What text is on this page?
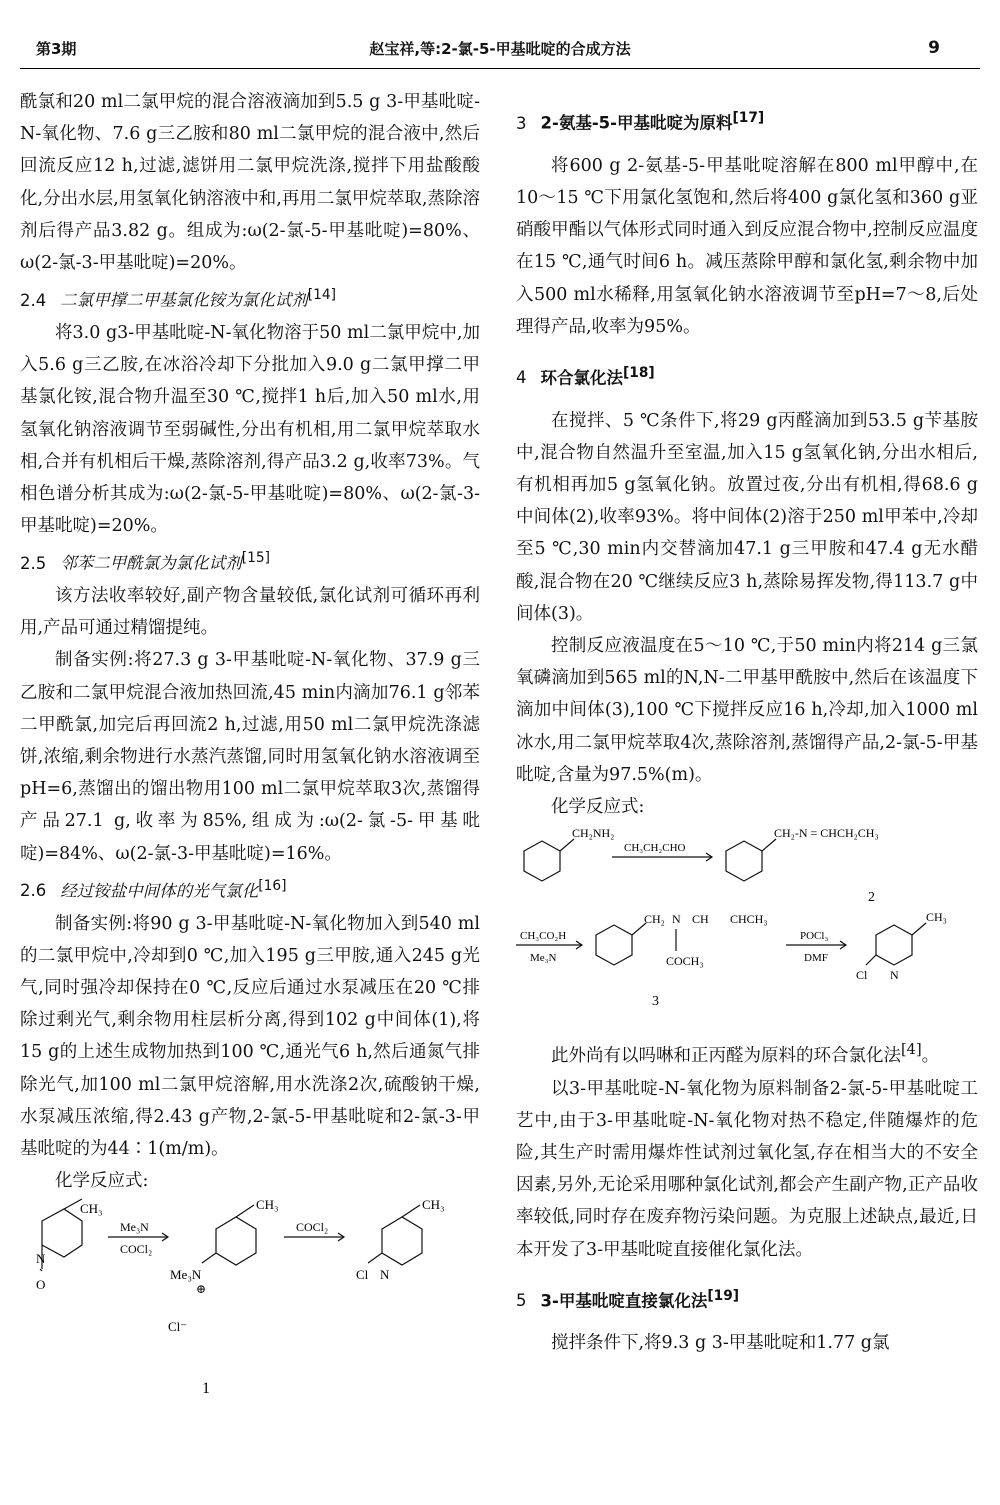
第3期	赵宝祥,等:2-氯-5-甲基吡啶的合成方法	9

酰氯和20 ml二氯甲烷的混合溶液滴加到5.5 g 3-甲基吡啶-N-氧化物、7.6 g三乙胺和80 ml二氯甲烷的混合液中,然后回流反应12 h,过滤,滤饼用二氯甲烷洗涤,搅拌下用盐酸酸化,分出水层,用氢氧化钠溶液中和,再用二氯甲烷萃取,蒸除溶剂后得产品3.82 g。组成为:ω(2-氯-5-甲基吡啶)=80%、ω(2-氯-3-甲基吡啶)=20%。

2.4 二氯甲撑二甲基氯化铵为氯化试剂[14]

将3.0 g3-甲基吡啶-N-氧化物溶于50 ml二氯甲烷中,加入5.6 g三乙胺,在冰浴冷却下分批加入9.0 g二氯甲撑二甲基氯化铵,混合物升温至30 ℃,搅拌1 h后,加入50 ml水,用氢氧化钠溶液调节至弱碱性,分出有机相,用二氯甲烷萃取水相,合并有机相后干燥,蒸除溶剂,得产品3.2 g,收率73%。气相色谱分析其成为:ω(2-氯-5-甲基吡啶)=80%、ω(2-氯-3-甲基吡啶)=20%。

2.5 邻苯二甲酰氯为氯化试剂[15]

该方法收率较好,副产物含量较低,氯化试剂可循环再利用,产品可通过精馏提纯。

制备实例:将27.3 g 3-甲基吡啶-N-氧化物、37.9 g三乙胺和二氯甲烷混合液加热回流,45 min内滴加76.1 g邻苯二甲酰氯,加完后再回流2 h,过滤,用50 ml二氯甲烷洗涤滤饼,浓缩,剩余物进行水蒸汽蒸馏,同时用氢氧化钠水溶液调至pH=6,蒸馏出的馏出物用100 ml二氯甲烷萃取3次,蒸馏得产品27.1 g,收率为85%,组成为:ω(2-氯-5-甲基吡啶)=84%、ω(2-氯-3-甲基吡啶)=16%。

2.6 经过铵盐中间体的光气氯化[16]

制备实例:将90 g 3-甲基吡啶-N-氧化物加入到540 ml的二氯甲烷中,冷却到0 ℃,加入195 g三甲胺,通入245 g光气,同时强冷却保持在0 ℃,反应后通过水泵减压在20 ℃排除过剩光气,剩余物用柱层析分离,得到102 g中间体(1),将15 g的上述生成物加热到100 ℃,通光气6 h,然后通氮气排除光气,加100 ml二氯甲烷溶解,用水洗涤2次,硫酸钠干燥,水泵减压浓缩,得2.43 g产物,2-氯-5-甲基吡啶和2-氯-3-甲基吡啶的为44∶1(m/m)。

化学反应式:

CH₃
N
O
Me₃N
COCl₂
CH₃
Me₃N
⊕
COCl₂
CH₃
Cl N
Cl⁻
1
3 2-氨基-5-甲基吡啶为原料[17]

将600 g 2-氨基-5-甲基吡啶溶解在800 ml甲醇中,在10～15 ℃下用氯化氢饱和,然后将400 g氯化氢和360 g亚硝酸甲酯以气体形式同时通入到反应混合物中,控制反应温度在15 ℃,通气时间6 h。减压蒸除甲醇和氯化氢,剩余物中加入500 ml水稀释,用氢氧化钠水溶液调节至pH=7～8,后处理得产品,收率为95%。

4 环合氯化法[18]

在搅拌、5 ℃条件下,将29 g丙醛滴加到53.5 g苄基胺中,混合物自然温升至室温,加入15 g氢氧化钠,分出水相后,有机相再加5 g氢氧化钠。放置过夜,分出有机相,得68.6 g中间体(2),收率93%。将中间体(2)溶于250 ml甲苯中,冷却至5 ℃,30 min内交替滴加47.1 g三甲胺和47.4 g无水醋酸,混合物在20 ℃继续反应3 h,蒸除易挥发物,得113.7 g中间体(3)。

控制反应液温度在5～10 ℃,于50 min内将214 g三氯氧磷滴加到565 ml的N,N-二甲基甲酰胺中,然后在该温度下滴加中间体(3),100 ℃下搅拌反应16 h,冷却,加入1000 ml冰水,用二氯甲烷萃取4次,蒸除溶剂,蒸馏得产品,2-氯-5-甲基吡啶,含量为97.5%(m)。

化学反应式:

CH₂NH₂
CH₃CH₂CHO
CH₂-N = CHCH₂CH₃
2
CH₃CO₂H
Me₃N
CH₂ N CH CHCH₃
COCH₃
POCl₃
DMF
CH₃
Cl N
3

此外尚有以吗啉和正丙醛为原料的环合氯化法[4]。

以3-甲基吡啶-N-氧化物为原料制备2-氯-5-甲基吡啶工艺中,由于3-甲基吡啶-N-氧化物对热不稳定,伴随爆炸的危险,其生产时需用爆炸性试剂过氧化氢,存在相当大的不安全因素,另外,无论采用哪种氯化试剂,都会产生副产物,正产品收率较低,同时存在废弃物污染问题。为克服上述缺点,最近,日本开发了3-甲基吡啶直接催化氯化法。

5 3-甲基吡啶直接氯化法[19]

搅拌条件下,将9.3 g 3-甲基吡啶和1.77 g氯
